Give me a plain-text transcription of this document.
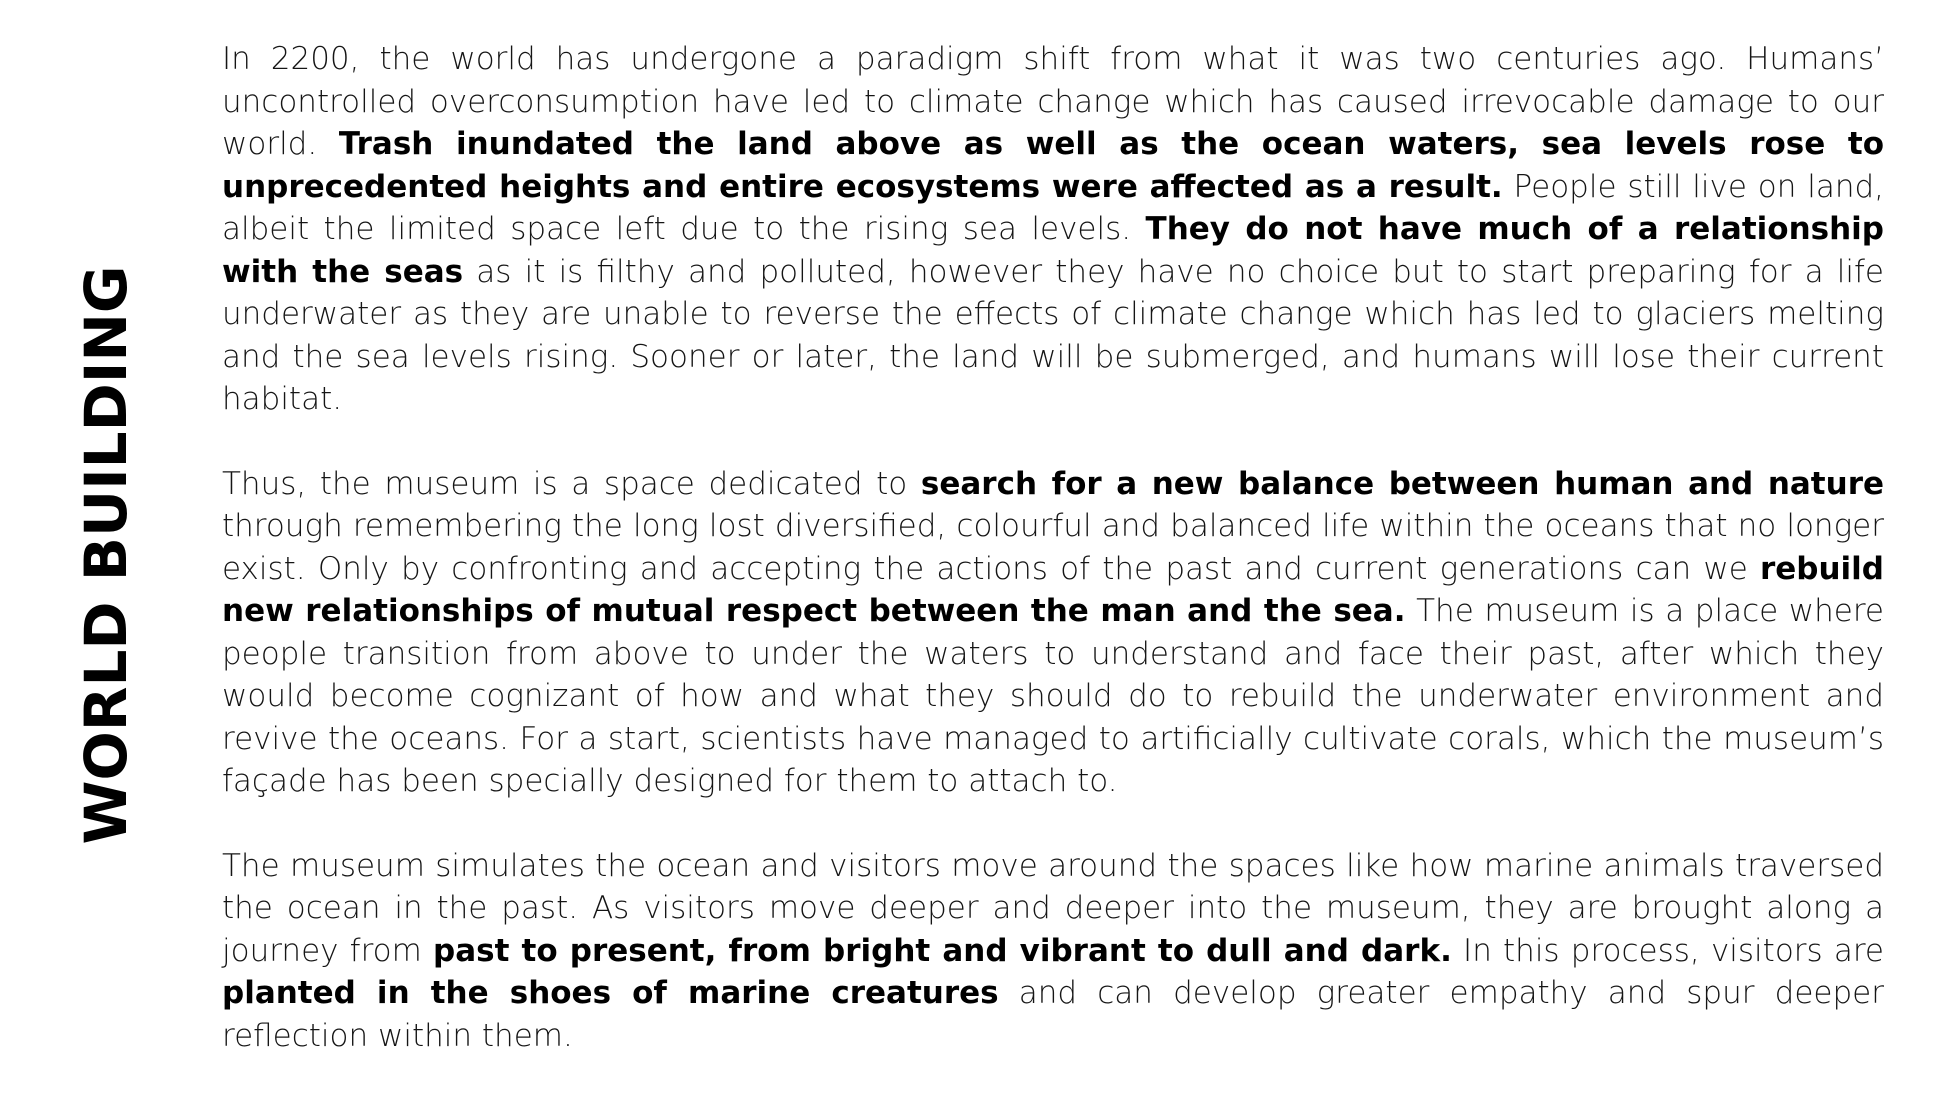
WORLD BUILDING

In 2200, the world has undergone a paradigm shift from what it was two centuries ago. Humans’ uncontrolled overconsumption have led to climate change which has caused irrevocable damage to our world. Trash inundated the land above as well as the ocean waters, sea levels rose to unprecedented heights and entire ecosystems were affected as a result. People still live on land, albeit the limited space left due to the rising sea levels. They do not have much of a relationship with the seas as it is filthy and polluted, however they have no choice but to start preparing for a life underwater as they are unable to reverse the effects of climate change which has led to glaciers melting and the sea levels rising. Sooner or later, the land will be submerged, and humans will lose their current habitat.

Thus, the museum is a space dedicated to search for a new balance between human and nature through remembering the long lost diversified, colourful and balanced life within the oceans that no longer exist. Only by confronting and accepting the actions of the past and current generations can we rebuild new relationships of mutual respect between the man and the sea. The museum is a place where people transition from above to under the waters to understand and face their past, after which they would become cognizant of how and what they should do to rebuild the underwater environment and revive the oceans. For a start, scientists have managed to artificially cultivate corals, which the museum’s façade has been specially designed for them to attach to.

The museum simulates the ocean and visitors move around the spaces like how marine animals traversed the ocean in the past. As visitors move deeper and deeper into the museum, they are brought along a journey from past to present, from bright and vibrant to dull and dark. In this process, visitors are planted in the shoes of marine creatures and can develop greater empathy and spur deeper reflection within them.
